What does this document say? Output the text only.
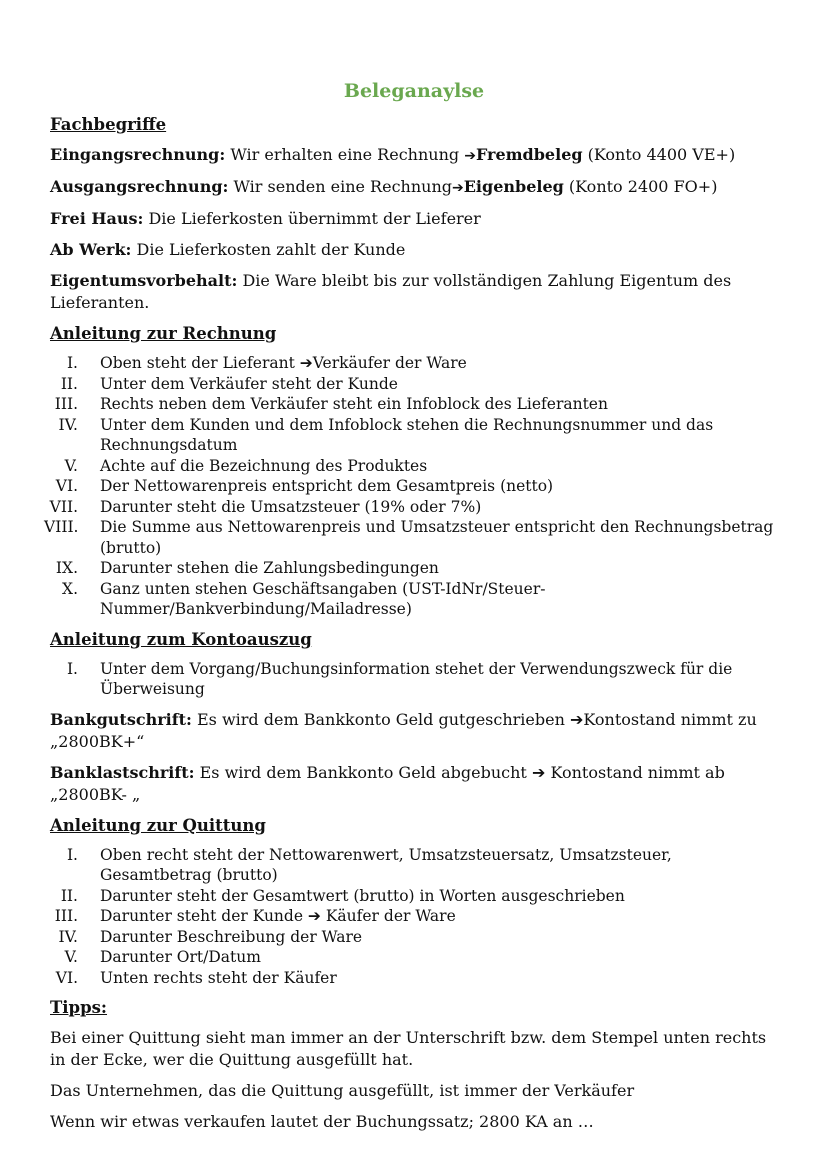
Beleganaylse
Fachbegriffe
Eingangsrechnung: Wir erhalten eine Rechnung ➔Fremdbeleg (Konto 4400 VE+)
Ausgangsrechnung: Wir senden eine Rechnung➔Eigenbeleg (Konto 2400 FO+)
Frei Haus: Die Lieferkosten übernimmt der Lieferer
Ab Werk: Die Lieferkosten zahlt der Kunde
Eigentumsvorbehalt: Die Ware bleibt bis zur vollständigen Zahlung Eigentum des Lieferanten.
Anleitung zur Rechnung
I. Oben steht der Lieferant ➔Verkäufer der Ware
II. Unter dem Verkäufer steht der Kunde
III. Rechts neben dem Verkäufer steht ein Infoblock des Lieferanten
IV. Unter dem Kunden und dem Infoblock stehen die Rechnungsnummer und das Rechnungsdatum
V. Achte auf die Bezeichnung des Produktes
VI. Der Nettowarenpreis entspricht dem Gesamtpreis (netto)
VII. Darunter steht die Umsatzsteuer (19% oder 7%)
VIII. Die Summe aus Nettowarenpreis und Umsatzsteuer entspricht den Rechnungsbetrag (brutto)
IX. Darunter stehen die Zahlungsbedingungen
X. Ganz unten stehen Geschäftsangaben (UST-IdNr/Steuer-Nummer/Bankverbindung/Mailadresse)
Anleitung zum Kontoauszug
I. Unter dem Vorgang/Buchungsinformation stehet der Verwendungszweck für die Überweisung
Bankgutschrift: Es wird dem Bankkonto Geld gutgeschrieben ➔Kontostand nimmt zu „2800BK+“
Banklastschrift: Es wird dem Bankkonto Geld abgebucht ➔ Kontostand nimmt ab „2800BK- „
Anleitung zur Quittung
I. Oben recht steht der Nettowarenwert, Umsatzsteuersatz, Umsatzsteuer, Gesamtbetrag (brutto)
II. Darunter steht der Gesamtwert (brutto) in Worten ausgeschrieben
III. Darunter steht der Kunde ➔ Käufer der Ware
IV. Darunter Beschreibung der Ware
V. Darunter Ort/Datum
VI. Unten rechts steht der Käufer
Tipps:
Bei einer Quittung sieht man immer an der Unterschrift bzw. dem Stempel unten rechts in der Ecke, wer die Quittung ausgefüllt hat.
Das Unternehmen, das die Quittung ausgefüllt, ist immer der Verkäufer
Wenn wir etwas verkaufen lautet der Buchungssatz; 2800 KA an …
